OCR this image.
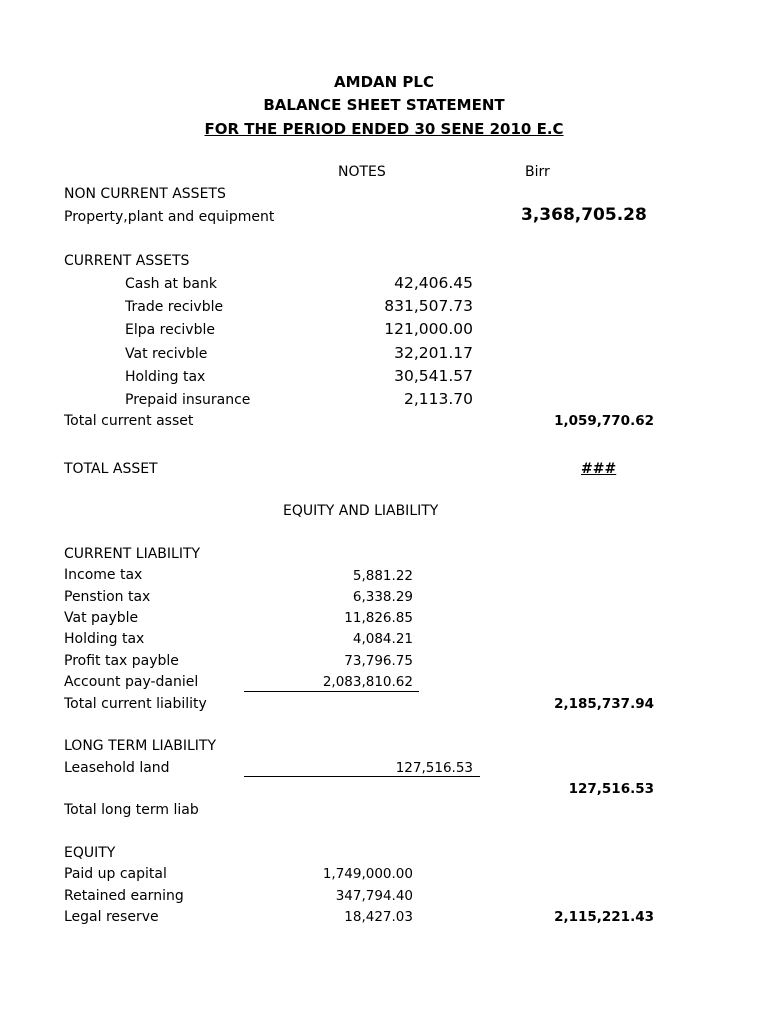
AMDAN PLC
BALANCE SHEET STATEMENT
FOR THE PERIOD ENDED 30 SENE 2010 E.C
NOTES	Birr
NON CURRENT ASSETS
Property,plant and equipment	3,368,705.28
CURRENT ASSETS
Cash at bank	42,406.45
Trade recivble	831,507.73
Elpa recivble	121,000.00
Vat recivble	32,201.17
Holding tax	30,541.57
Prepaid insurance	2,113.70
Total current asset	1,059,770.62
TOTAL ASSET	###
EQUITY AND LIABILITY
CURRENT LIABILITY
Income tax	5,881.22
Penstion tax	6,338.29
Vat payble	11,826.85
Holding tax	4,084.21
Profit tax payble	73,796.75
Account pay-daniel	2,083,810.62
Total current liability	2,185,737.94
LONG TERM LIABILITY
Leasehold land	127,516.53
127,516.53
Total long term liab
EQUITY
Paid up capital	1,749,000.00
Retained earning	347,794.40
Legal reserve	18,427.03	2,115,221.43
